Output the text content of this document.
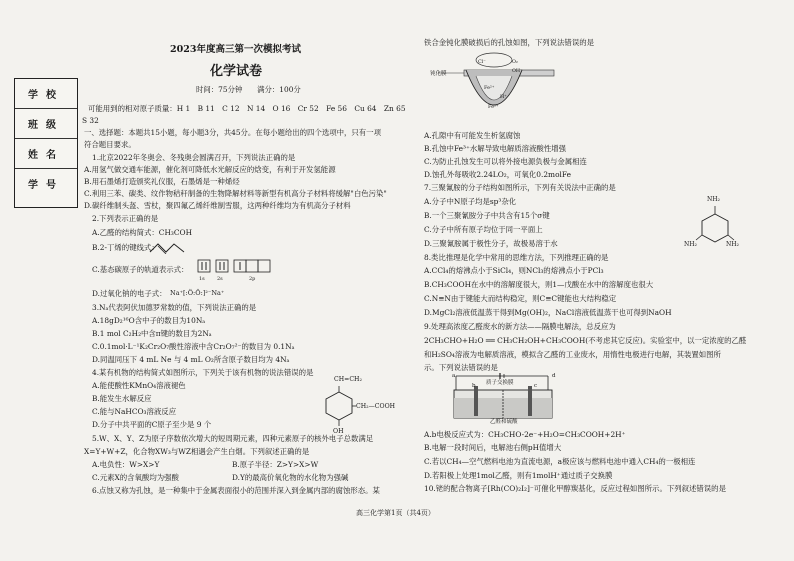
学校
班级
姓名
学号
2023年度高三第一次模拟考试
化学试卷
时间：75分钟　　满分：100分
可能用到的相对原子质量：H 1　B 11　C 12　N 14　O 16　Cr 52　Fe 56　Cu 64　Zn 65
S 32
一、选择题：本题共15小题，每小题3分，共45分。在每小题给出的四个选项中，只有一项
符合题目要求。
1.北京2022年冬奥会、冬残奥会圆满召开，下列说法正确的是
A.用氢气做交通车能源，催化剂可降低水光解反应的焓变，有利于开发氢能源
B.用石墨烯打造颁奖礼仪服，石墨烯是一种烯烃
C.利用三苯、碳类、纹作物秸秆制备的生物降解材料等新型有机高分子材料将缓解"白色污染"
D.碳纤维制头盔、雪杖，聚四氟乙烯纤维制雪服，这两种纤维均为有机高分子材料
2.下列表示正确的是
A.乙醛的结构简式：CH₃COH
B.2-丁烯的键线式：
C.基态碳原子的轨道表示式：
1s 2s	2p
D.过氧化钠的电子式： Na⁺[:Ö:Ö:]²⁻Na⁺
3.Nₐ代表阿伏加德罗常数的值，下列说法正确的是
A.18gD₂¹⁶O含中子的数目为10Nₐ
B.1 mol C₂H₂中含π键的数目为2Nₐ
C.0.1mol·L⁻¹K₂Cr₂O₇酸性溶液中含Cr₂O₇²⁻的数目为 0.1Nₐ
D.同温同压下 4 mL Ne 与 4 mL O₂所含原子数目均为 4Nₐ
4.某有机物的结构简式如图所示，下列关于该有机物的说法错误的是
A.能使酸性KMnO₄溶液褪色
B.能发生水解反应
C.能与NaHCO₃溶液反应
D.分子中共平面的C原子至少是 9 个
CH=CH₂
CH₂—COOH
OH
5.W、X、Y、Z为原子序数依次增大的短周期元素，四种元素原子的核外电子总数满足
X=Y+W+Z，化合物XW₃与WZ相遇会产生白烟。下列叙述正确的是
A.电负性：W>X>Y	B.原子半径：Z>Y>X>W
C.元素X的含氧酸均为强酸	D.Y的最高价氧化物的水化物为强碱
6.点蚀又称为孔蚀，是一种集中于金属表面很小的范围并深入到金属内部的腐蚀形态。某
铁合金钝化膜破损后的孔蚀如图，下列说法错误的是
钝化膜
Cl⁻	O₂
OH⁻
Fe²⁺
H⁺
Fe³⁺
A.孔隙中有可能发生析氢腐蚀
B.孔蚀中Fe³⁺水解导致电解质溶液酸性增强
C.为防止孔蚀发生可以将外接电源负极与金属相连
D.蚀孔外每吸收2.24LO₂，可氧化0.2molFe
7.三聚氰胺的分子结构如图所示，下列有关说法中正确的是
A.分子中N原子均是sp³杂化
B.一个三聚氰胺分子中共含有15个σ键
C.分子中所有原子均位于同一平面上
D.三聚氰胺属于极性分子，故极易溶于水
NH₂
NH₂	NH₂
8.类比推理是化学中常用的思维方法，下列推理正确的是
A.CCl₄的熔沸点小于SiCl₄，则NCl₃的熔沸点小于PCl₃
B.CH₃COOH在水中的溶解度很大，则1—戊酸在水中的溶解度也很大
C.N≡N由于键能大而结构稳定，则C≡C键能也大结构稳定
D.MgCl₂溶液低温蒸干得到Mg(OH)₂，NaCl溶液低温蒸干也可得到NaOH
9.处理高浓度乙醛废水的新方法——隔膜电解法，总反应为
2CH₃CHO+H₂O ══ CH₃CH₂OH+CH₃COOH(不考虑其它反应)。实验室中，以一定浓度的乙醛
和H₂SO₄溶液为电解质溶液，模拟含乙醛的工业废水，用惰性电极进行电解，其装置如图所
示。下列说法错误的是
a
b	c
d
质子交换膜
乙醛和硫酸
A.b电极反应式为：CH₃CHO-2e⁻+H₂O=CH₃COOH+2H⁺
B.电解一段时间后，电解池右侧pH值增大
C.若以CH₄—空气燃料电池为直流电源，a极应该与燃料电池中通入CH₄的一极相连
D.若阳极上处理1mol乙醛，则有1molH⁺通过质子交换膜
10.铑的配合物离子[Rh(CO)₂I₂]⁻可催化甲醇羰基化，反应过程如图所示。下列叙述错误的是
高三化学第1页（共4页）
